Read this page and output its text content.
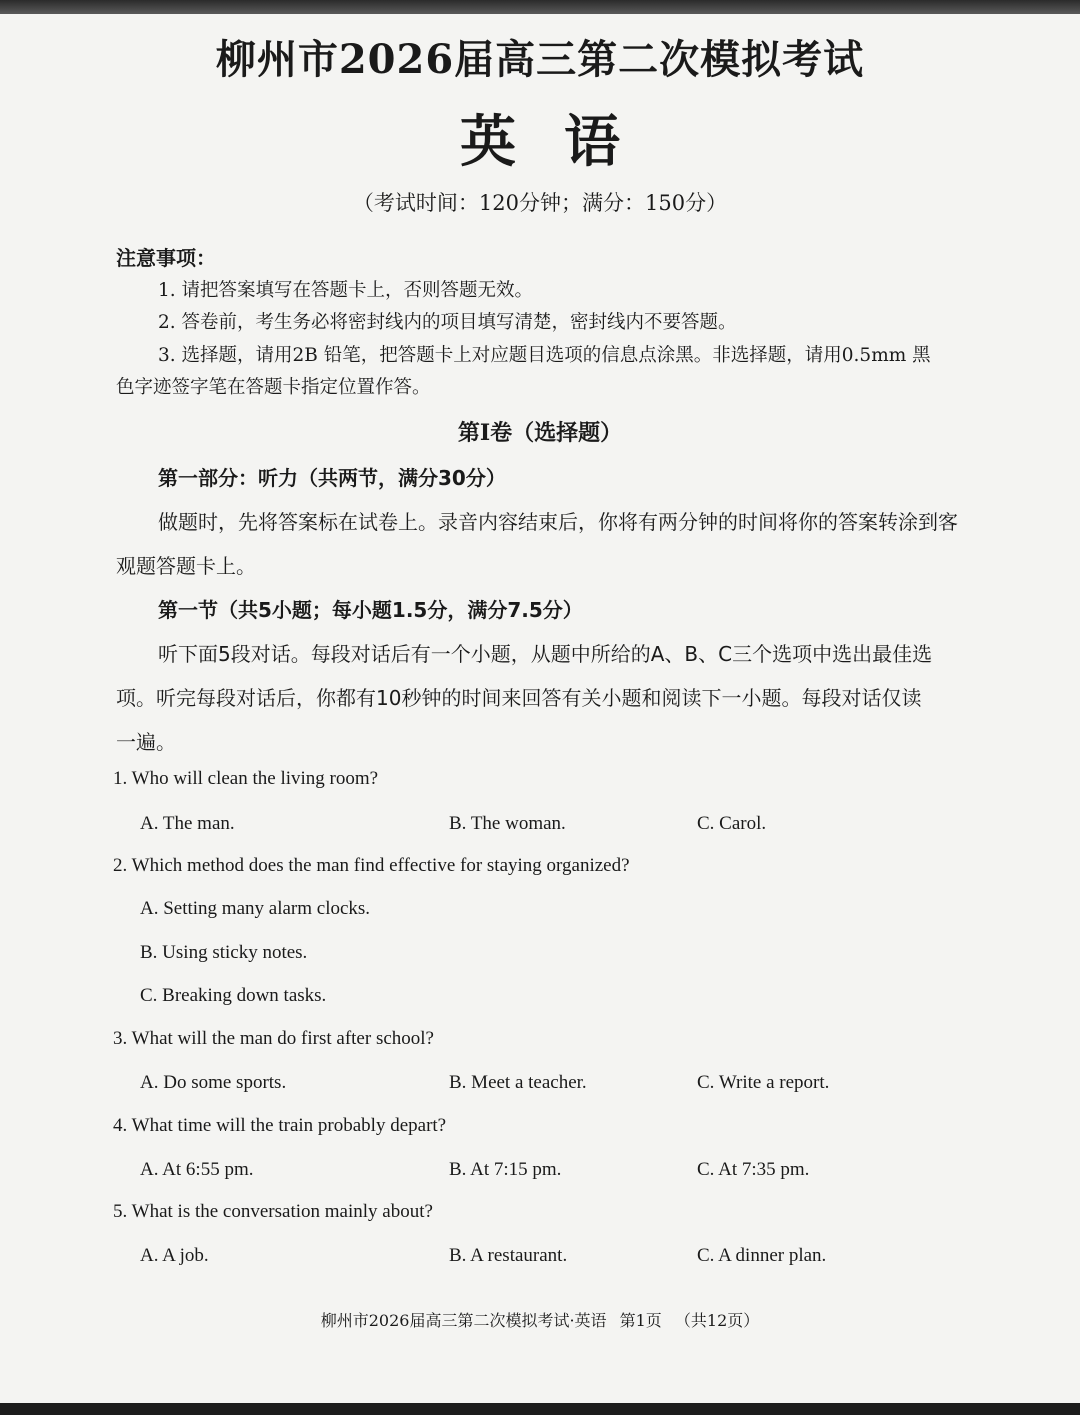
柳州市2026届高三第二次模拟考试
英语
（考试时间：120分钟；满分：150分）
注意事项：
1. 请把答案填写在答题卡上，否则答题无效。
2. 答卷前，考生务必将密封线内的项目填写清楚，密封线内不要答题。
3. 选择题，请用2B 铅笔，把答题卡上对应题目选项的信息点涂黑。非选择题，请用0.5mm 黑
色字迹签字笔在答题卡指定位置作答。
第Ⅰ卷（选择题）
第一部分：听力（共两节，满分30分）
做题时，先将答案标在试卷上。录音内容结束后，你将有两分钟的时间将你的答案转涂到客
观题答题卡上。
第一节（共5小题；每小题1.5分，满分7.5分）
听下面5段对话。每段对话后有一个小题，从题中所给的A、B、C三个选项中选出最佳选
项。听完每段对话后，你都有10秒钟的时间来回答有关小题和阅读下一小题。每段对话仅读
一遍。
1. Who will clean the living room?
A. The man.	B. The woman.	C. Carol.
2. Which method does the man find effective for staying organized?
A. Setting many alarm clocks.
B. Using sticky notes.
C. Breaking down tasks.
3. What will the man do first after school?
A. Do some sports.	B. Meet a teacher.	C. Write a report.
4. What time will the train probably depart?
A. At 6:55 pm.	B. At 7:15 pm.	C. At 7:35 pm.
5. What is the conversation mainly about?
A. A job.	B. A restaurant.	C. A dinner plan.
柳州市2026届高三第二次模拟考试·英语 第1页 （共12页）
